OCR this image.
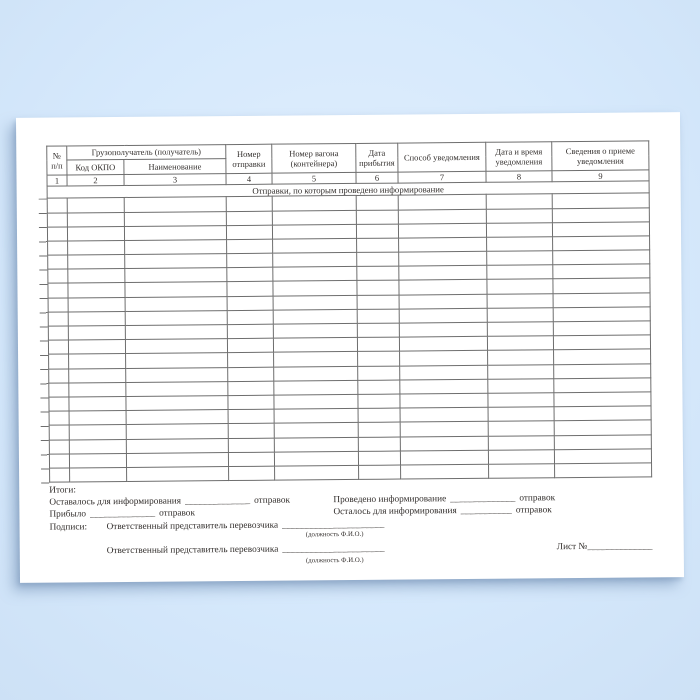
№ п/п	Грузополучатель (получатель)		Номер отправки	Номер вагона (контейнера)	Дата прибытия	Способ уведомления	Дата и время уведомления	Сведения о приеме уведомления
	Код ОКПО	Наименование						
1	2	3	4	5	6	7	8	9
Отправки, по которым проведено информирование								

Итоги:
Оставалось для информирования ______________ отправок	Проведено информирование ______________ отправок
Прибыло ______________ отправок	Осталось для информирования ___________ отправок
Подписи: Ответственный представитель перевозчика ______________________
(должность Ф.И.О.)
Ответственный представитель перевозчика ______________________
(должность Ф.И.О.)
Лист №______________
